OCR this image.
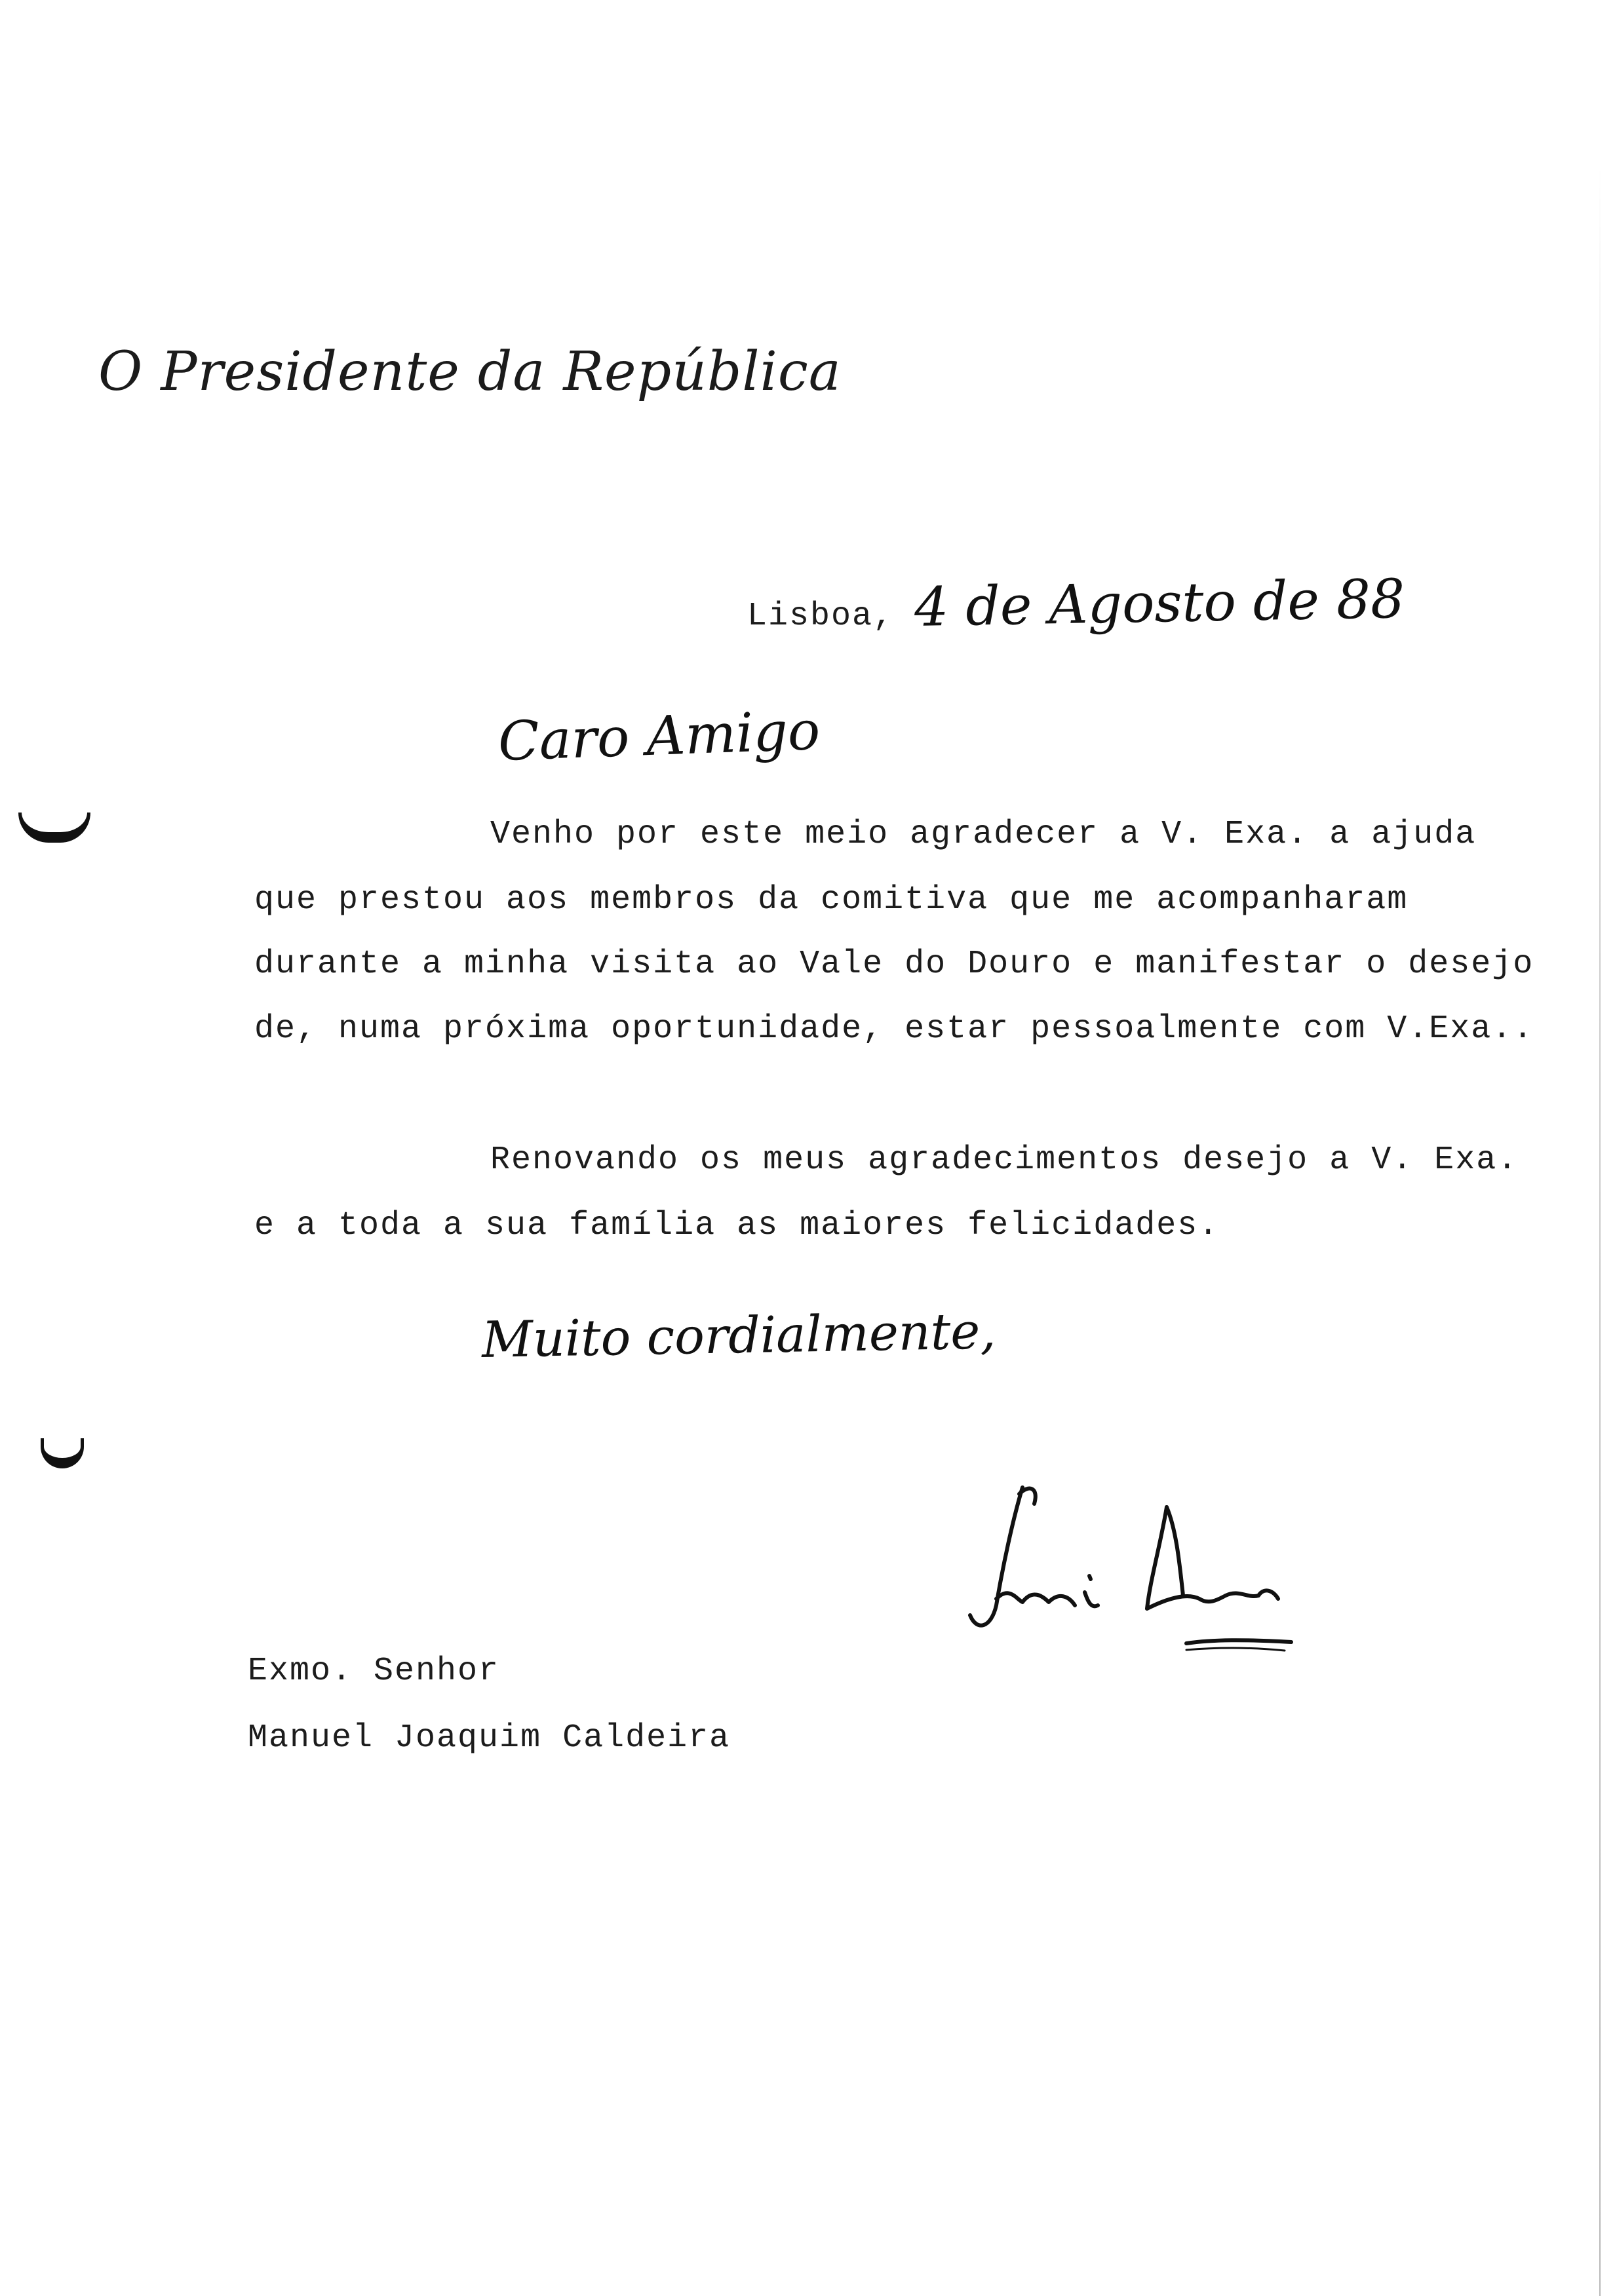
O Presidente da República
Lisboa, 4 de Agosto de 88
Caro Amigo
Venho por este meio agradecer a V. Exa. a ajuda
que prestou aos membros da comitiva que me acompanharam
durante a minha visita ao Vale do Douro e manifestar o desejo
de, numa próxima oportunidade, estar pessoalmente com V.Exa..
Renovando os meus agradecimentos desejo a V. Exa.
e a toda a sua família as maiores felicidades.
Muito cordialmente,
Exmo. Senhor
Manuel Joaquim Caldeira
